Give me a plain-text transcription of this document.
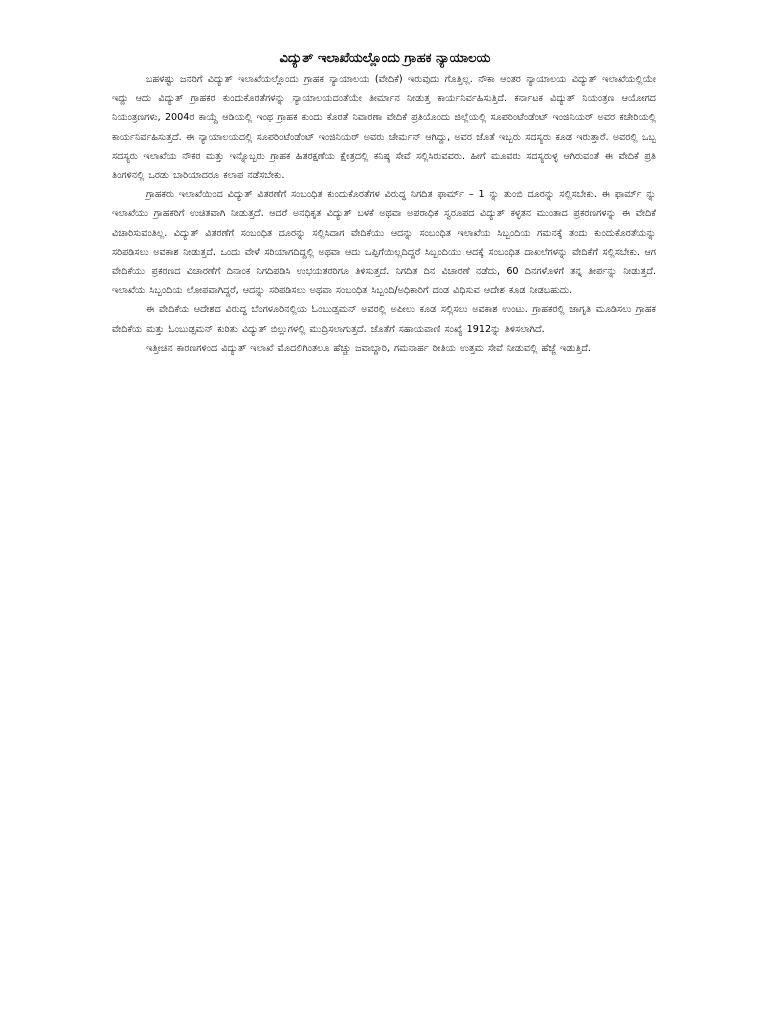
ವಿದ್ಯುತ್ ಇಲಾಖೆಯಲ್ಲೊಂದು ಗ್ರಾಹಕ ನ್ಯಾಯಾಲಯ

ಬಹಳಷ್ಟು ಜನರಿಗೆ ವಿದ್ಯುತ್ ಇಲಾಖೆಯಲ್ಲೊಂದು ಗ್ರಾಹಕ ನ್ಯಾಯಾಲಯ (ವೇದಿಕೆ) ಇರುವುದು ಗೊತ್ತಿಲ್ಲ. ನೌಕಾ ಆಂತರ ನ್ಯಾಯಾಲಯ ವಿದ್ಯುತ್ ಇಲಾಖೆಯಲ್ಲಿಯೇ ಇದ್ದು ಆದು ವಿದ್ಯುತ್ ಗ್ರಾಹಕರ ಕುಂದುಕೊರತೆಗಳನ್ನು ನ್ಯಾಯಾಲಯದಂತೆಯೇ ತೀರ್ಮಾನ ನೀಡುತ್ತ ಕಾರ್ಯನಿರ್ವಹಿಸುತ್ತಿದೆ. ಕರ್ನಾಟಕ ವಿದ್ಯುತ್ ನಿಯಂತ್ರಣ ಆಯೋಗದ ನಿಯಂತ್ರಣಗಳು, 2004ರ ಕಾಯ್ದೆ ಆಡಿಯಲ್ಲಿ ಇಂಥ ಗ್ರಾಹಕ ಕುಂದು ಕೊರತೆ ನಿವಾರಣಾ ವೇದಿಕೆ ಪ್ರತಿಯೊಂದು ಜಿಲ್ಲೆಯಲ್ಲಿ ಸೂಪರಿಂಟೆಂಡೆಂಟ್ ಇಂಜಿನಿಯರ್ ಅವರ ಕಚೇರಿಯಲ್ಲಿ ಕಾರ್ಯನಿರ್ವಹಿಸುತ್ತದೆ. ಈ ನ್ಯಾಯಾಲಯದಲ್ಲಿ ಸೂಪರಿಂಟೆಂಡೆಂಟ್ ಇಂಜಿನಿಯರ್ ಅವರು ಚೇರ್ಮನ್ ಆಗಿದ್ದು, ಅವರ ಜೊತೆ ಇಬ್ಬರು ಸದಸ್ಯರು ಕೂಡ ಇರುತ್ತಾರೆ. ಅವರಲ್ಲಿ ಒಬ್ಬ ಸದಸ್ಯರು ಇಲಾಖೆಯ ನೌಕರ ಮತ್ತು ಇನ್ನೊಬ್ಬರು ಗ್ರಾಹಕ ಹಿತರಕ್ಷಣೆಯ ಕ್ಷೇತ್ರದಲ್ಲಿ ಕನಿಷ್ಠ ಸೇವೆ ಸಲ್ಲಿಸಿರುವವರು. ಹೀಗೆ ಮೂವರು ಸದಸ್ಯರುಳ್ಳ ಆಗಿರುವಂತೆ ಈ ವೇದಿಕೆ ಪ್ರತಿ ತಿಂಗಳಿನಲ್ಲಿ ಒರಡು ಬಾರಿಯಾದರೂ ಕಲಾಪ ನಡೆಸಬೇಕು.

ಗ್ರಾಹಕರು ಇಲಾಖೆಯಿಂದ ವಿದ್ಯುತ್ ವಿತರಣೆಗೆ ಸಂಬಂಧಿತ ಕುಂದುಕೊರತೆಗಳ ವಿರುದ್ಧ ನಿಗದಿತ ಫಾರ್ಮ್ – 1 ನ್ನು ತುಂಬಿ ದೂರನ್ನು ಸಲ್ಲಿಸಬೇಕು. ಈ ಫಾರ್ಮ್ ನ್ನು ಇಲಾಖೆಯು ಗ್ರಾಹಕರಿಗೆ ಉಚಿತವಾಗಿ ನೀಡುತ್ತದೆ. ಆದರೆ ಅನಧಿಕೃತ ವಿದ್ಯುತ್ ಬಳಕೆ ಅಥವಾ ಅಪರಾಧಿಕ ಸ್ವರೂಪದ ವಿದ್ಯುತ್ ಕಳ್ಳತನ ಮುಂತಾದ ಪ್ರಕರಣಗಳನ್ನು ಈ ವೇದಿಕೆ ವಿಚಾರಿಸುವಂತಿಲ್ಲ. ವಿದ್ಯುತ್ ವಿತರಣೆಗೆ ಸಂಬಂಧಿತ ದೂರನ್ನು ಸಲ್ಲಿಸಿದಾಗ ವೇದಿಕೆಯು ಆದನ್ನು ಸಂಬಂಧಿತ ಇಲಾಖೆಯ ಸಿಬ್ಬಂದಿಯ ಗಮನಕ್ಕೆ ತಂದು ಕುಂದುಕೊರತೆಯನ್ನು ಸರಿಪಡಿಸಲು ಅವಕಾಶ ನೀಡುತ್ತದೆ. ಒಂದು ವೇಳೆ ಸರಿಯಾಗದಿದ್ದಲ್ಲಿ ಅಥವಾ ಆದು ಒಪ್ಪಿಗೆಯಿಲ್ಲದಿದ್ದರೆ ಸಿಬ್ಬಂದಿಯು ಆದಕ್ಕೆ ಸಂಬಂಧಿತ ದಾಖಲೆಗಳನ್ನು ವೇದಿಕೆಗೆ ಸಲ್ಲಿಸಬೇಕು. ಆಗ ವೇದಿಕೆಯು ಪ್ರಕರಣದ ವಿಚಾರಣೆಗೆ ದಿನಾಂಕ ನಿಗದಿಪಡಿಸಿ ಉಭಯತರರಿಗೂ ತಿಳಿಸುತ್ತದೆ. ನಿಗದಿತ ದಿನ ವಿಚಾರಣೆ ನಡೆದು, 60 ದಿನಗಳೊಳಗೆ ತನ್ನ ತೀರ್ಪನ್ನು ನೀಡುತ್ತದೆ. ಇಲಾಖೆಯ ಸಿಬ್ಬಂದಿಯ ಲೋಪವಾಗಿದ್ದರೆ, ಆದನ್ನು ಸರಿಪಡಿಸಲು ಅಥವಾ ಸಂಬಂಧಿತ ಸಿಬ್ಬಂದಿ/ಅಧಿಕಾರಿಗೆ ದಂಡ ವಿಧಿಸುವ ಆದೇಶ ಕೂಡ ನೀಡಬಹುದು.

ಈ ವೇದಿಕೆಯ ಆದೇಶದ ವಿರುದ್ಧ ಬೆಂಗಳೂರಿನಲ್ಲಿಯ ಓಂಬುಡ್ಸಮನ್ ಅವರಲ್ಲಿ ಅಪೀಲು ಕೂಡ ಸಲ್ಲಿಸಲು ಅವಕಾಶ ಉಂಟು. ಗ್ರಾಹಕರಲ್ಲಿ ಜಾಗೃತಿ ಮೂಡಿಸಲು ಗ್ರಾಹಕ ವೇದಿಕೆಯ ಮತ್ತು ಓಂಬುಡ್ಸಮನ್ ಕುರಿತು ವಿದ್ಯುತ್ ಬಿಲ್ಲುಗಳಲ್ಲಿ ಮುದ್ರಿಸಲಾಗುತ್ತದೆ. ಜೊತೆಗೆ ಸಹಾಯವಾಣಿ ಸಂಖ್ಯೆ 1912ನ್ನು ತಿಳಿಸಲಾಗಿದೆ.

ಇತ್ತೀಚಿನ ಕಾರಣಗಳಿಂದ ವಿದ್ಯುತ್ ಇಲಾಖೆ ಮೊದಲಿಗಿಂತಲೂ ಹೆಚ್ಚು ಜವಾಬ್ದಾರಿ, ಗಮನಾರ್ಹ ರೀತಿಯ ಉತ್ತಮ ಸೇವೆ ನೀಡುವಲ್ಲಿ ಹೆಜ್ಜೆ ಇಡುತ್ತಿದೆ.
